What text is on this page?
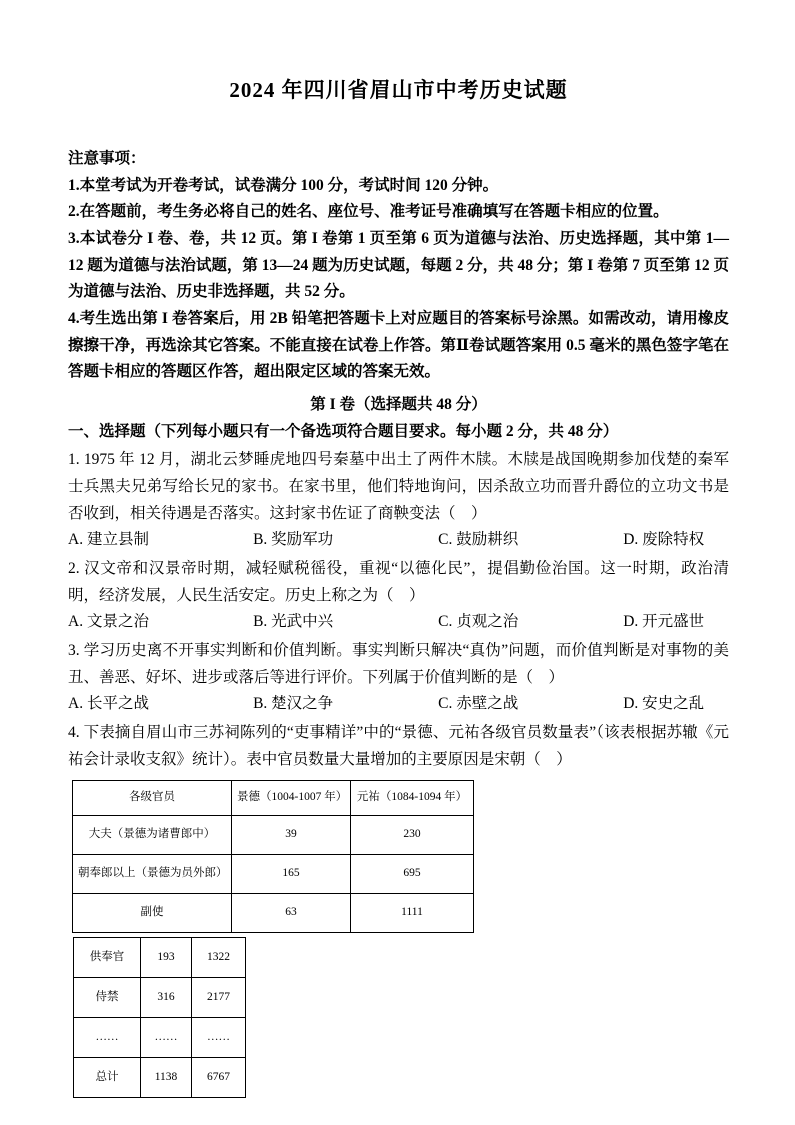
2024 年四川省眉山市中考历史试题

注意事项：

1.本堂考试为开卷考试，试卷满分 100 分，考试时间 120 分钟。

2.在答题前，考生务必将自己的姓名、座位号、准考证号准确填写在答题卡相应的位置。

3.本试卷分 I 卷、卷，共 12 页。第 I 卷第 1 页至第 6 页为道德与法治、历史选择题，其中第 1—12 题为道德与法治试题，第 13—24 题为历史试题，每题 2 分，共 48 分；第 I 卷第 7 页至第 12 页为道德与法治、历史非选择题，共 52 分。

4.考生选出第 I 卷答案后，用 2B 铅笔把答题卡上对应题目的答案标号涂黑。如需改动，请用橡皮擦擦干净，再选涂其它答案。不能直接在试卷上作答。第Ⅱ卷试题答案用 0.5 毫米的黑色签字笔在答题卡相应的答题区作答，超出限定区域的答案无效。

第 I 卷（选择题共 48 分）

一、选择题（下列每小题只有一个备选项符合题目要求。每小题 2 分，共 48 分）

1. 1975 年 12 月，湖北云梦睡虎地四号秦墓中出土了两件木牍。木牍是战国晚期参加伐楚的秦军士兵黑夫兄弟写给长兄的家书。在家书里，他们特地询问，因杀敌立功而晋升爵位的立功文书是否收到，相关待遇是否落实。这封家书佐证了商鞅变法（　）

A. 建立县制	B. 奖励军功	C. 鼓励耕织	D. 废除特权

2. 汉文帝和汉景帝时期，减轻赋税徭役，重视“以德化民”，提倡勤俭治国。这一时期，政治清明，经济发展，人民生活安定。历史上称之为（　）

A. 文景之治	B. 光武中兴	C. 贞观之治	D. 开元盛世

3. 学习历史离不开事实判断和价值判断。事实判断只解决“真伪”问题，而价值判断是对事物的美丑、善恶、好坏、进步或落后等进行评价。下列属于价值判断的是（　）

A. 长平之战	B. 楚汉之争	C. 赤壁之战	D. 安史之乱

4. 下表摘自眉山市三苏祠陈列的“吏事精详”中的“景德、元祐各级官员数量表”（该表根据苏辙《元祐会计录收支叙》统计）。表中官员数量大量增加的主要原因是宋朝（　）

各级官员	景德（1004-1007 年）	元祐（1084-1094 年）
大夫（景德为诸曹郎中）	39	230
朝奉郎以上（景德为员外郎）	165	695
副使	63	1111
供奉官	193	1322
侍禁	316	2177
……	……	……
总计	1138	6767
